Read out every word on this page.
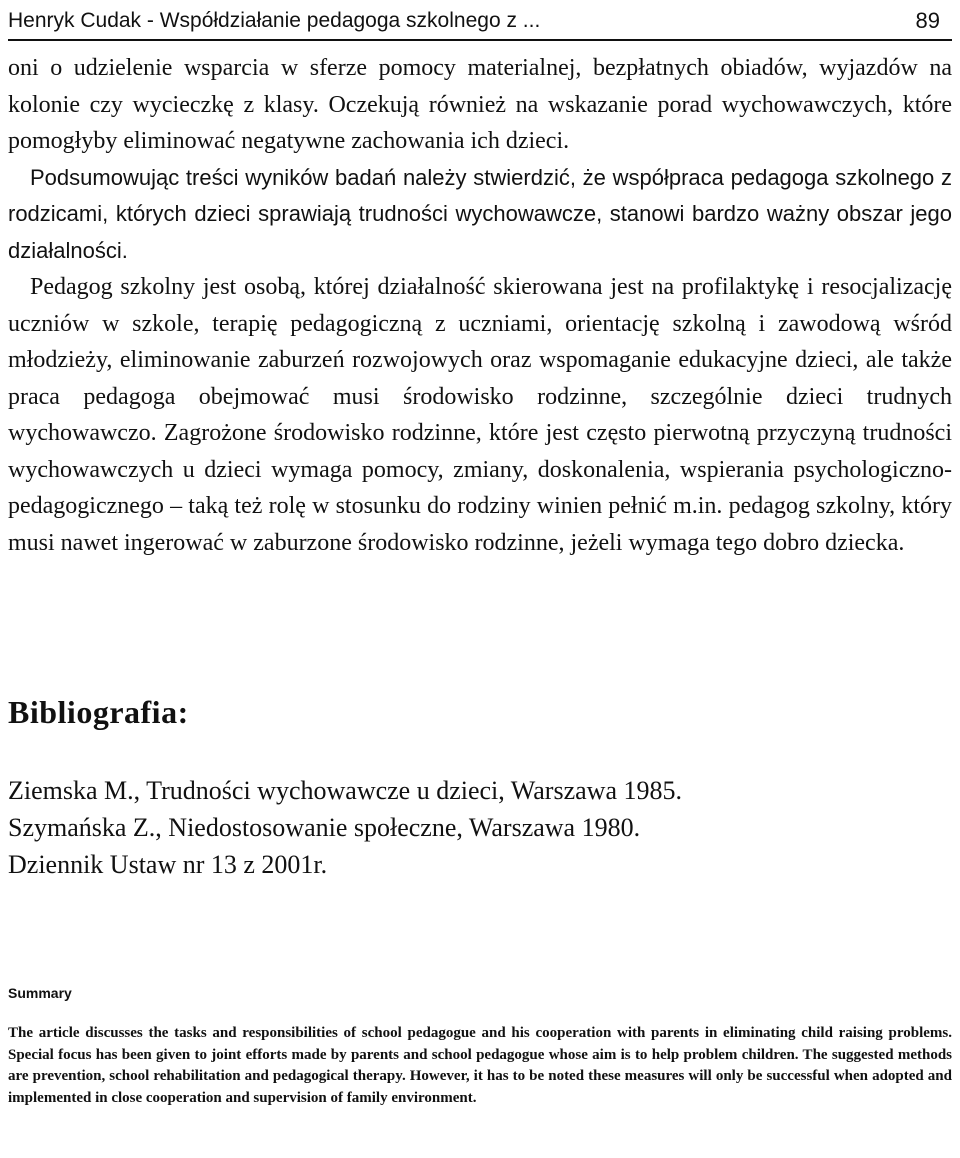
Henryk Cudak - Współdziałanie pedagoga szkolnego z ...	89

oni o udzielenie wsparcia w sferze pomocy materialnej, bezpłatnych obiadów, wyjazdów na kolonie czy wycieczkę z klasy. Oczekują również na wskazanie porad wychowawczych, które pomogłyby eliminować negatywne zachowania ich dzieci.

Podsumowując treści wyników badań należy stwierdzić, że współpraca pedagoga szkolnego z rodzicami, których dzieci sprawiają trudności wychowawcze, stanowi bardzo ważny obszar jego działalności.

Pedagog szkolny jest osobą, której działalność skierowana jest na profilaktykę i resocjalizację uczniów w szkole, terapię pedagogiczną z uczniami, orientację szkolną i zawodową wśród młodzieży, eliminowanie zaburzeń rozwojowych oraz wspomaganie edukacyjne dzieci, ale także praca pedagoga obejmować musi środowisko rodzinne, szczególnie dzieci trudnych wychowawczo. Zagrożone środowisko rodzinne, które jest często pierwotną przyczyną trudności wychowawczych u dzieci wymaga pomocy, zmiany, doskonalenia, wspierania psychologiczno-pedagogicznego – taką też rolę w stosunku do rodziny winien pełnić m.in. pedagog szkolny, który musi nawet ingerować w zaburzone środowisko rodzinne, jeżeli wymaga tego dobro dziecka.

Bibliografia:
Ziemska M., Trudności wychowawcze u dzieci, Warszawa 1985.
Szymańska Z., Niedostosowanie społeczne, Warszawa 1980.
Dziennik Ustaw nr 13 z 2001r.
Summary

The article discusses the tasks and responsibilities of school pedagogue and his cooperation with parents in eliminating child raising problems. Special focus has been given to joint efforts made by parents and school pedagogue whose aim is to help problem children. The suggested methods are prevention, school rehabilitation and pedagogical therapy. However, it has to be noted these measures will only be successful when adopted and implemented in close cooperation and supervision of family environment.
